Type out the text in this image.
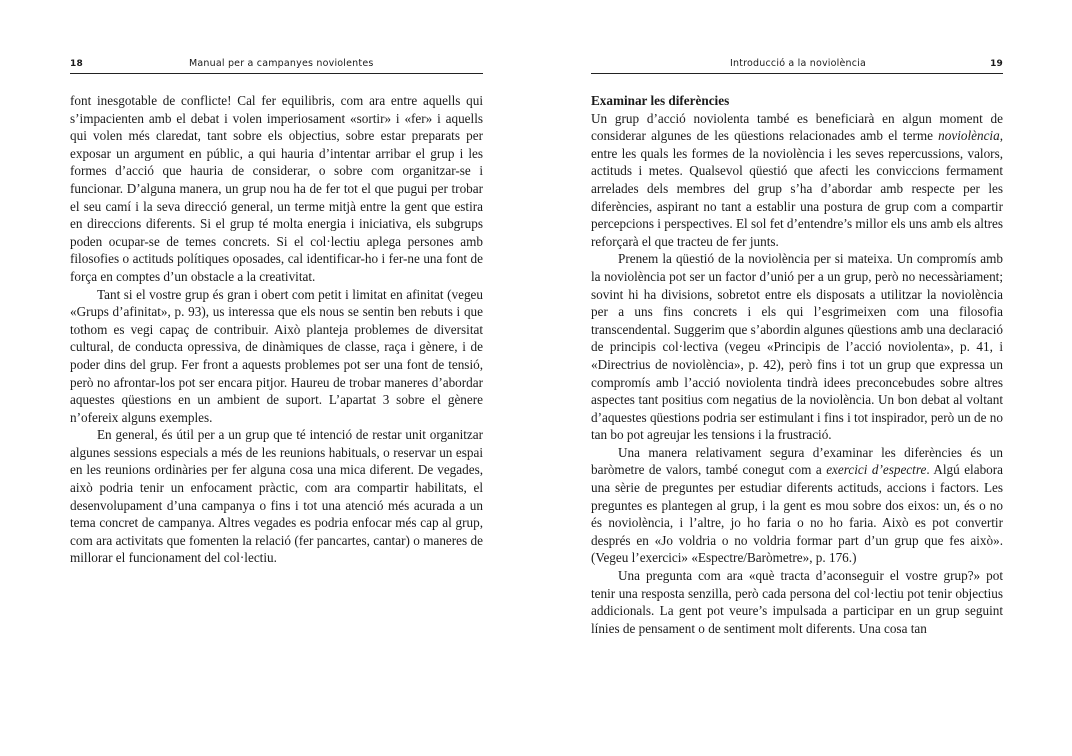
18	Manual per a campanyes noviolentes

font inesgotable de conflicte! Cal fer equilibris, com ara entre aquells qui s’impacienten amb el debat i volen imperiosament «sortir» i «fer» i aquells qui volen més claredat, tant sobre els objectius, sobre estar preparats per exposar un argument en públic, a qui hauria d’intentar arribar el grup i les formes d’acció que hauria de considerar, o sobre com organitzar-se i funcionar. D’alguna manera, un grup nou ha de fer tot el que pugui per trobar el seu camí i la seva direcció general, un terme mitjà entre la gent que estira en direccions diferents. Si el grup té molta energia i iniciativa, els subgrups poden ocupar-se de temes concrets. Si el col·lectiu aplega persones amb filosofies o actituds polítiques oposades, cal identificar-ho i fer-ne una font de força en comptes d’un obstacle a la creativitat.

Tant si el vostre grup és gran i obert com petit i limitat en afinitat (vegeu «Grups d’afinitat», p. 93), us interessa que els nous se sentin ben rebuts i que tothom es vegi capaç de contribuir. Això planteja problemes de diversitat cultural, de conducta opressiva, de dinàmiques de classe, raça i gènere, i de poder dins del grup. Fer front a aquests problemes pot ser una font de tensió, però no afrontar-los pot ser encara pitjor. Haureu de trobar maneres d’abordar aquestes qüestions en un ambient de suport. L’apartat 3 sobre el gènere n’ofereix alguns exemples.

En general, és útil per a un grup que té intenció de restar unit organitzar algunes sessions especials a més de les reunions habituals, o reservar un espai en les reunions ordinàries per fer alguna cosa una mica diferent. De vegades, això podria tenir un enfocament pràctic, com ara compartir habilitats, el desenvolupament d’una campanya o fins i tot una atenció més acurada a un tema concret de campanya. Altres vegades es podria enfocar més cap al grup, com ara activitats que fomenten la relació (fer pancartes, cantar) o maneres de millorar el funcionament del col·lectiu.

Introducció a la noviolència	19
Examinar les diferències

Un grup d’acció noviolenta també es beneficiarà en algun moment de considerar algunes de les qüestions relacionades amb el terme noviolència, entre les quals les formes de la noviolència i les seves repercussions, valors, actituds i metes. Qualsevol qüestió que afecti les conviccions fermament arrelades dels membres del grup s’ha d’abordar amb respecte per les diferències, aspirant no tant a establir una postura de grup com a compartir percepcions i perspectives. El sol fet d’entendre’s millor els uns amb els altres reforçarà el que tracteu de fer junts.

Prenem la qüestió de la noviolència per si mateixa. Un compromís amb la noviolència pot ser un factor d’unió per a un grup, però no necessàriament; sovint hi ha divisions, sobretot entre els disposats a utilitzar la noviolència per a uns fins concrets i els qui l’esgrimeixen com una filosofia transcendental. Suggerim que s’abordin algunes qüestions amb una declaració de principis col·lectiva (vegeu «Principis de l’acció noviolenta», p. 41, i «Directrius de noviolència», p. 42), però fins i tot un grup que expressa un compromís amb l’acció noviolenta tindrà idees preconcebudes sobre altres aspectes tant positius com negatius de la noviolència. Un bon debat al voltant d’aquestes qüestions podria ser estimulant i fins i tot inspirador, però un de no tan bo pot agreujar les tensions i la frustració.

Una manera relativament segura d’examinar les diferències és un baròmetre de valors, també conegut com a exercici d’espectre. Algú elabora una sèrie de preguntes per estudiar diferents actituds, accions i factors. Les preguntes es plantegen al grup, i la gent es mou sobre dos eixos: un, és o no és noviolència, i l’altre, jo ho faria o no ho faria. Això es pot convertir després en «Jo voldria o no voldria formar part d’un grup que fes això». (Vegeu l’exercici» «Espectre/Baròmetre», p. 176.)

Una pregunta com ara «què tracta d’aconseguir el vostre grup?» pot tenir una resposta senzilla, però cada persona del col·lectiu pot tenir objectius addicionals. La gent pot veure’s impulsada a participar en un grup seguint línies de pensament o de sentiment molt diferents. Una cosa tan
